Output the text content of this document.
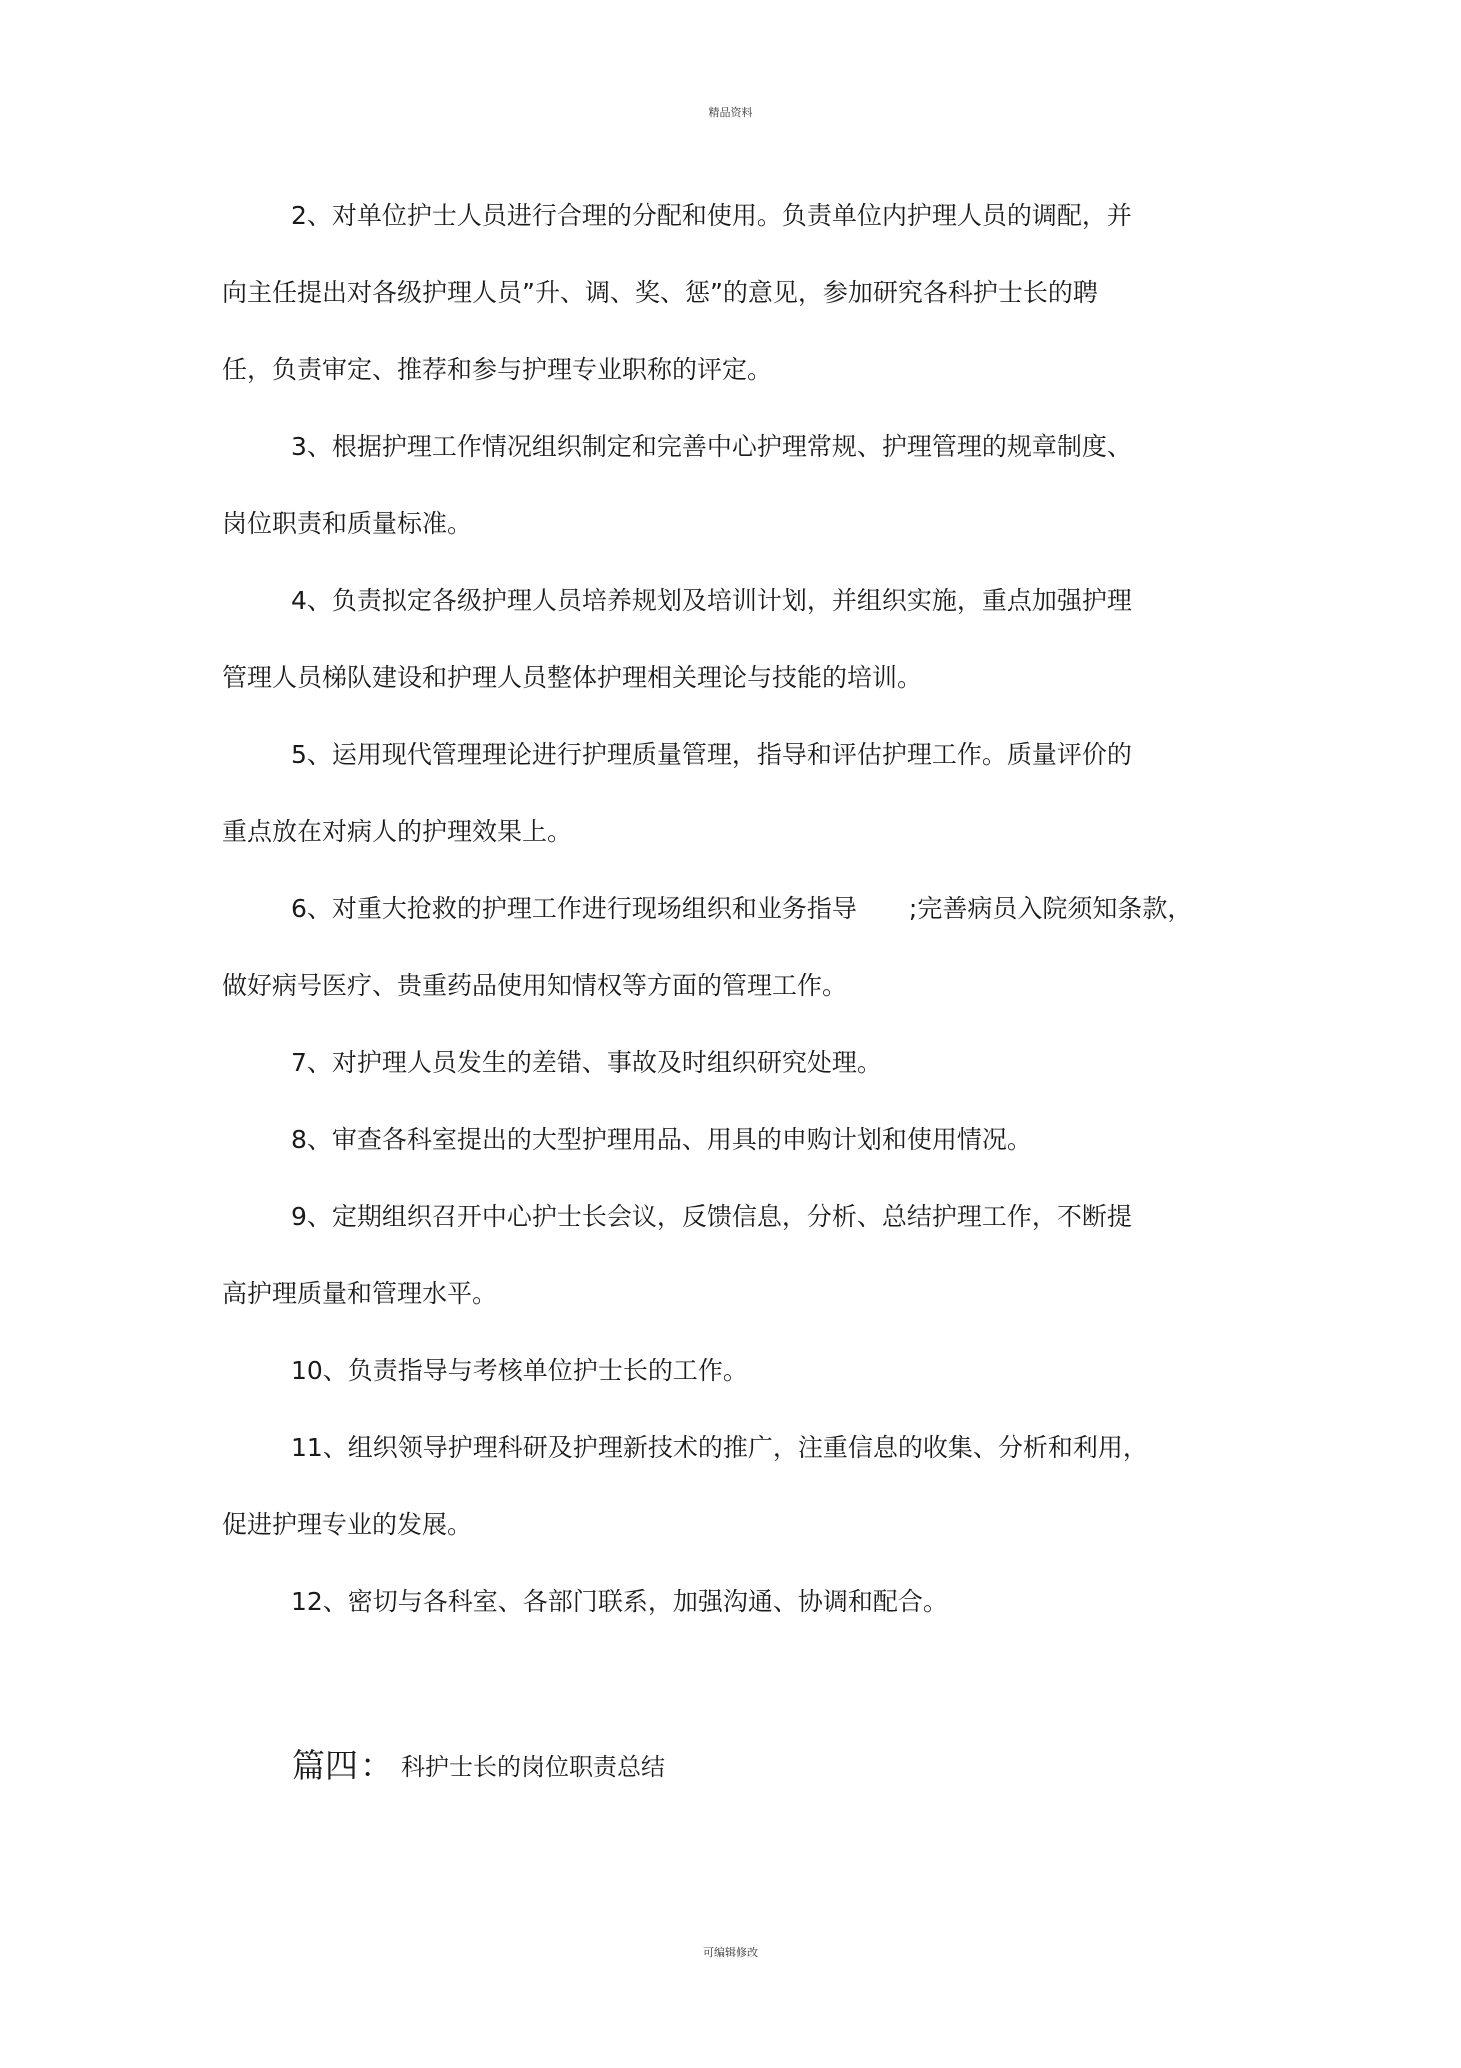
精品资料
2、对单位护士人员进行合理的分配和使用。负责单位内护理人员的调配，并
向主任提出对各级护理人员”升、调、奖、惩”的意见，参加研究各科护士长的聘
任，负责审定、推荐和参与护理专业职称的评定。
3、根据护理工作情况组织制定和完善中心护理常规、护理管理的规章制度、
岗位职责和质量标准。
4、负责拟定各级护理人员培养规划及培训计划，并组织实施，重点加强护理
管理人员梯队建设和护理人员整体护理相关理论与技能的培训。
5、运用现代管理理论进行护理质量管理，指导和评估护理工作。质量评价的
重点放在对病人的护理效果上。
6、对重大抢救的护理工作进行现场组织和业务指导 ;完善病员入院须知条款，
做好病号医疗、贵重药品使用知情权等方面的管理工作。
7、对护理人员发生的差错、事故及时组织研究处理。
8、审查各科室提出的大型护理用品、用具的申购计划和使用情况。
9、定期组织召开中心护士长会议，反馈信息，分析、总结护理工作，不断提
高护理质量和管理水平。
10、负责指导与考核单位护士长的工作。
11、组织领导护理科研及护理新技术的推广，注重信息的收集、分析和利用，
促进护理专业的发展。
12、密切与各科室、各部门联系，加强沟通、协调和配合。
篇四： 科护士长的岗位职责总结
可编辑修改
